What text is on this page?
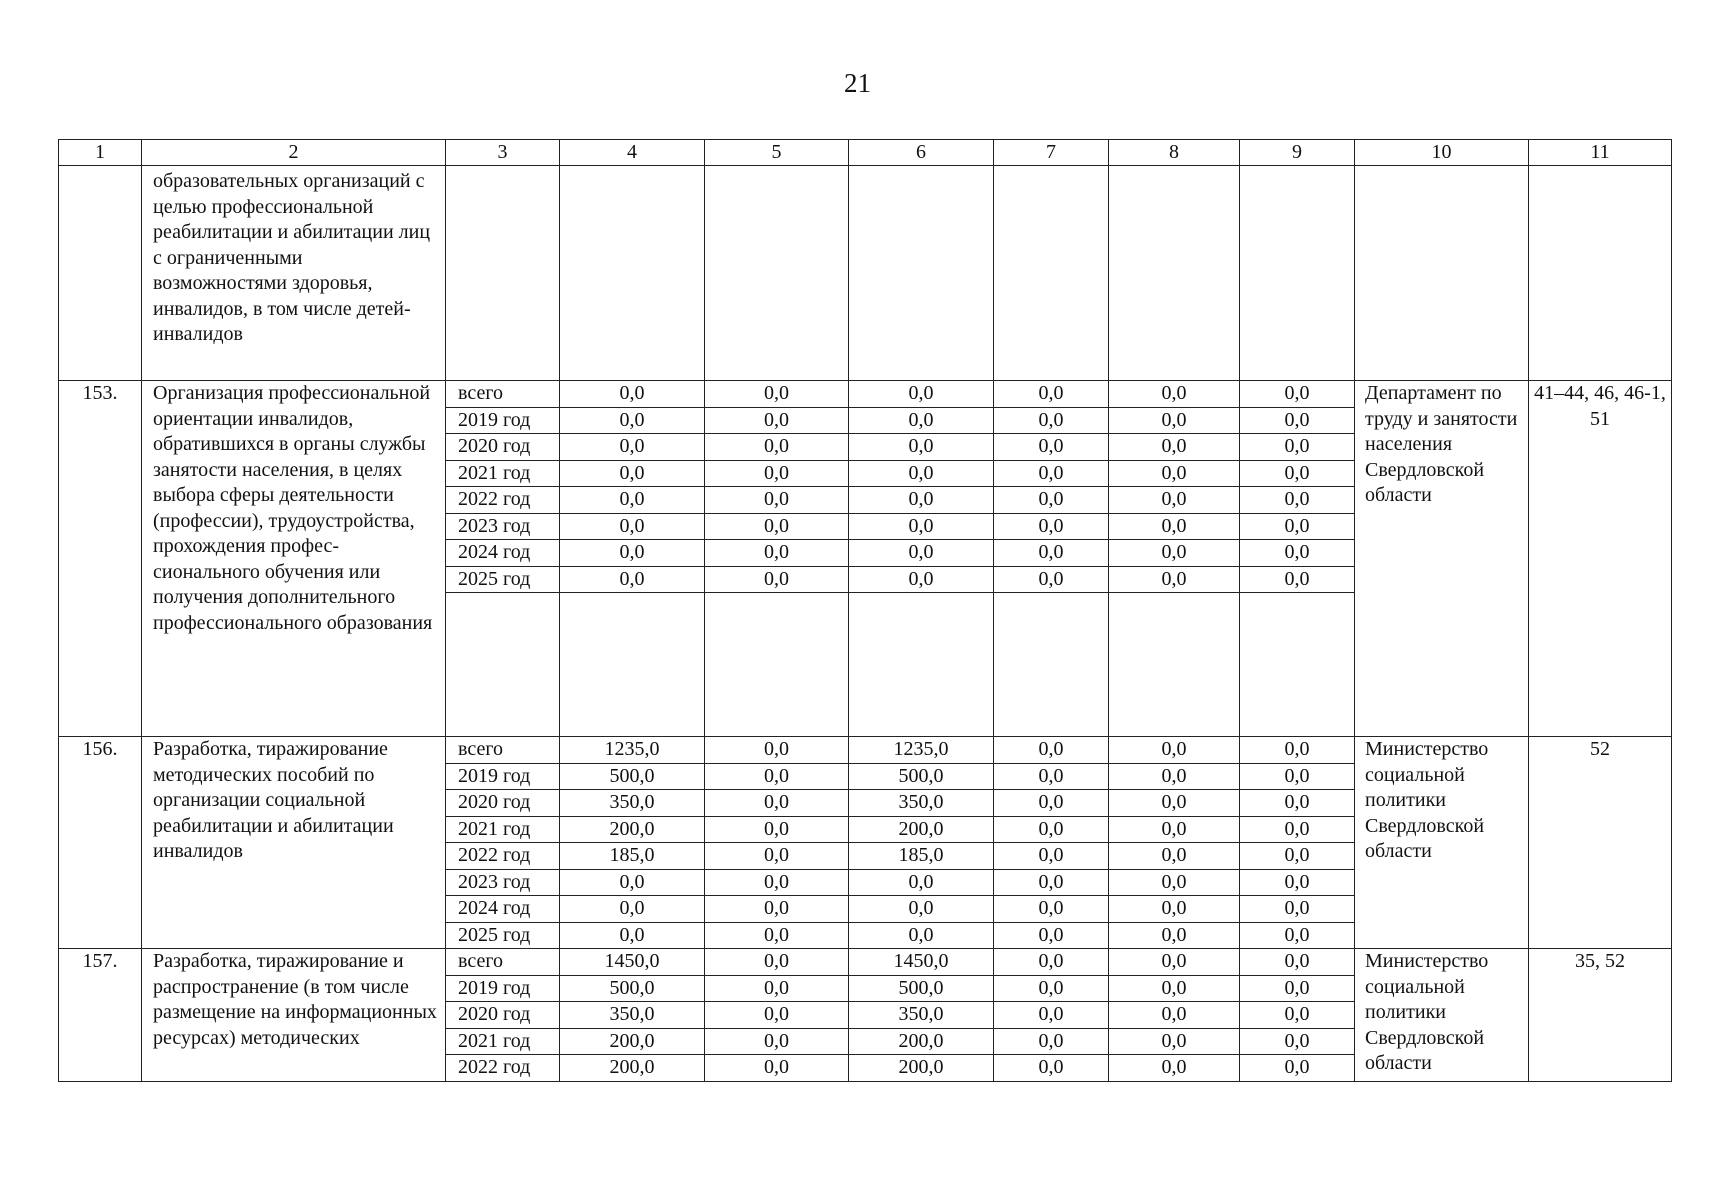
21
1	2	3	4	5	6	7	8	9	10	11
	образовательных организаций с целью профессиональной реабилитации и абилитации лиц с ограниченными возможностями здоровья, инвалидов, в том числе детей-инвалидов									
153.	Организация профессиональной ориентации инвалидов, обратившихся в органы службы занятости населения, в целях выбора сферы деятельности (профессии), трудоустройства, прохождения профес-сионального обучения или получения дополнительного профессионального образования	всего	0,0	0,0	0,0	0,0	0,0	0,0	Департамент по труду и занятости населения Свердловской области	41–44, 46, 46-1, 51
		2019 год	0,0	0,0	0,0	0,0	0,0	0,0		
		2020 год	0,0	0,0	0,0	0,0	0,0	0,0		
		2021 год	0,0	0,0	0,0	0,0	0,0	0,0		
		2022 год	0,0	0,0	0,0	0,0	0,0	0,0		
		2023 год	0,0	0,0	0,0	0,0	0,0	0,0		
		2024 год	0,0	0,0	0,0	0,0	0,0	0,0		
		2025 год	0,0	0,0	0,0	0,0	0,0	0,0		

156.	Разработка, тиражирование методических пособий по организации социальной реабилитации и абилитации инвалидов	всего	1235,0	0,0	1235,0	0,0	0,0	0,0	Министерство социальной политики Свердловской области	52
		2019 год	500,0	0,0	500,0	0,0	0,0	0,0		
		2020 год	350,0	0,0	350,0	0,0	0,0	0,0		
		2021 год	200,0	0,0	200,0	0,0	0,0	0,0		
		2022 год	185,0	0,0	185,0	0,0	0,0	0,0		
		2023 год	0,0	0,0	0,0	0,0	0,0	0,0		
		2024 год	0,0	0,0	0,0	0,0	0,0	0,0		
		2025 год	0,0	0,0	0,0	0,0	0,0	0,0		
157.	Разработка, тиражирование и распространение (в том числе размещение на информационных ресурсах) методических	всего	1450,0	0,0	1450,0	0,0	0,0	0,0	Министерство социальной политики Свердловской области	35, 52
		2019 год	500,0	0,0	500,0	0,0	0,0	0,0		
		2020 год	350,0	0,0	350,0	0,0	0,0	0,0		
		2021 год	200,0	0,0	200,0	0,0	0,0	0,0		
		2022 год	200,0	0,0	200,0	0,0	0,0	0,0		
